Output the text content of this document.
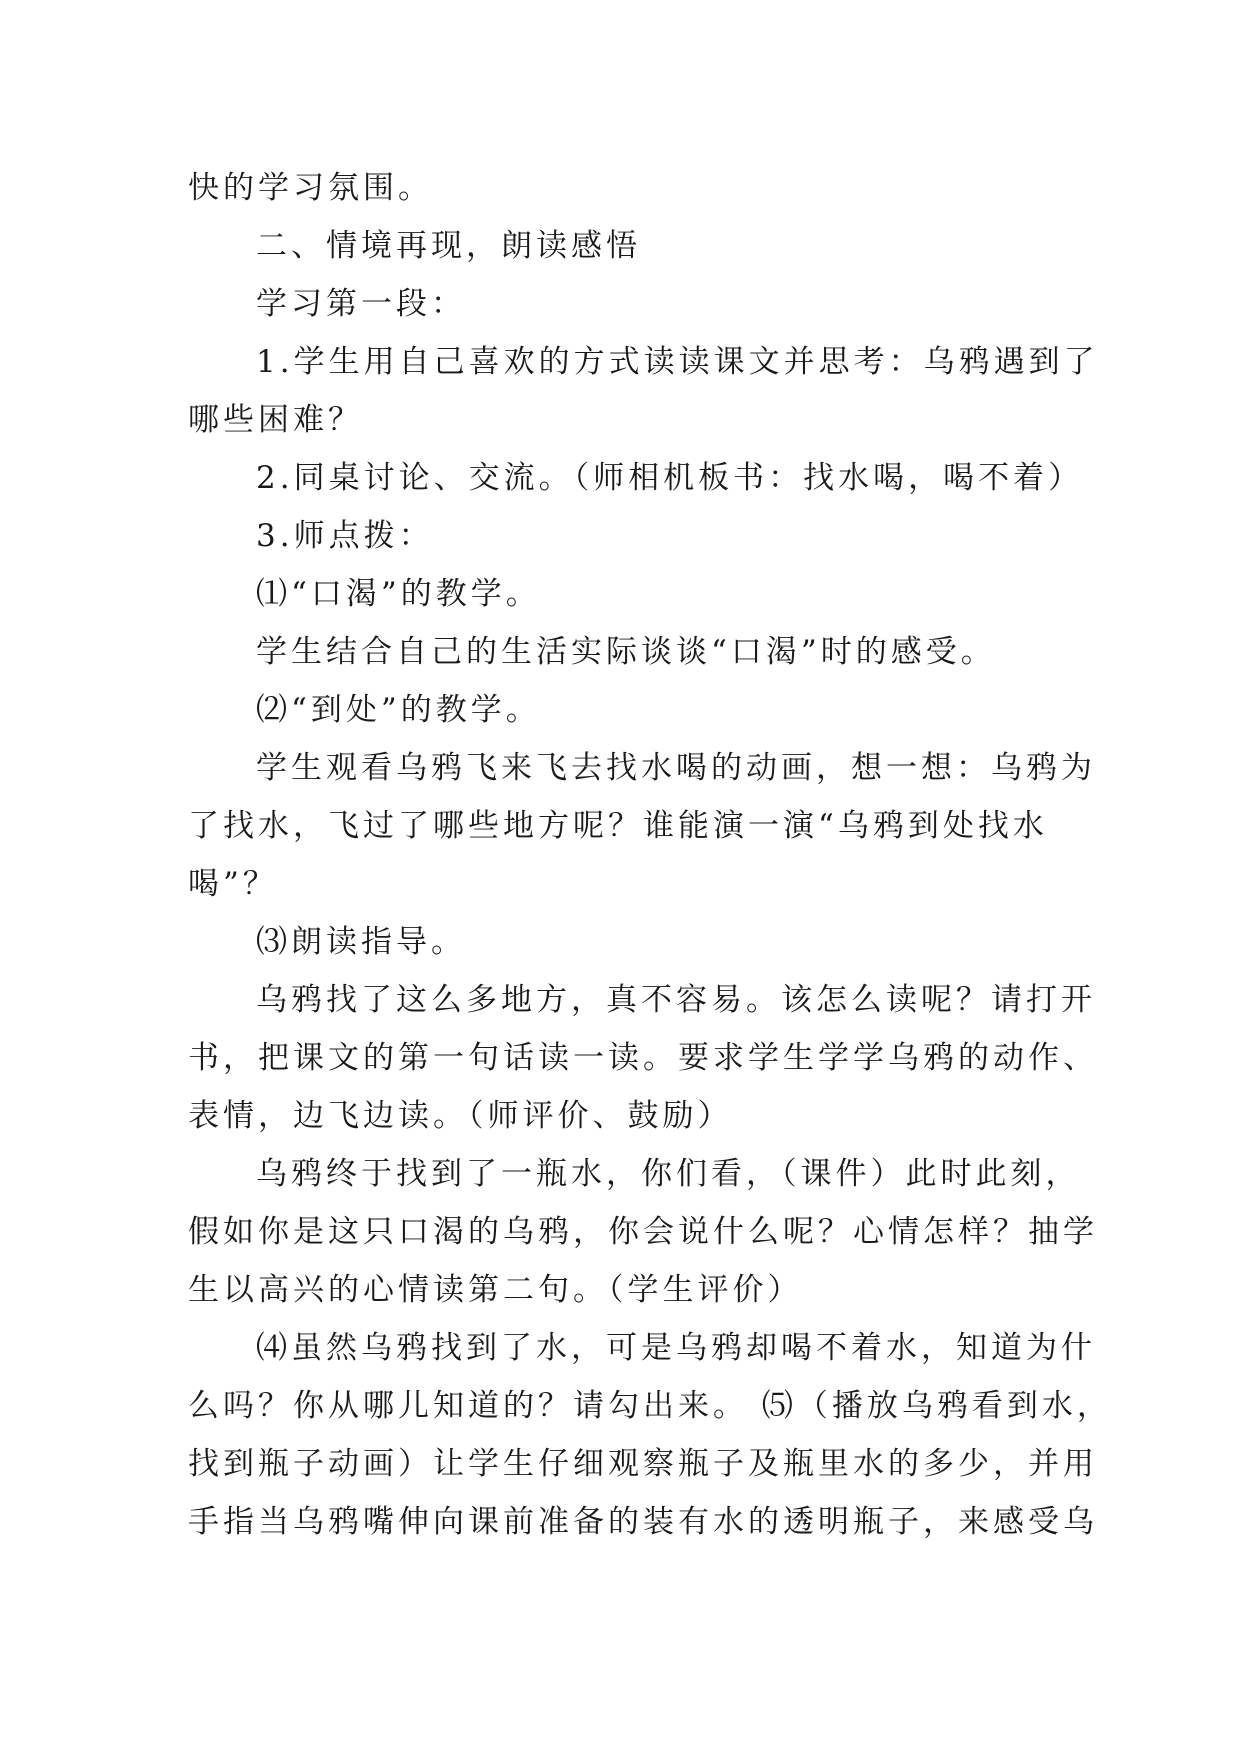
快的学习氛围。
二、情境再现，朗读感悟
学习第一段：
1.学生用自己喜欢的方式读读课文并思考：乌鸦遇到了
哪些困难？
2.同桌讨论、交流。（师相机板书：找水喝，喝不着）
3.师点拨：
⑴“口渴”的教学。
学生结合自己的生活实际谈谈“口渴”时的感受。
⑵“到处”的教学。
学生观看乌鸦飞来飞去找水喝的动画，想一想：乌鸦为
了找水，飞过了哪些地方呢？谁能演一演“乌鸦到处找水
喝”？
⑶朗读指导。
乌鸦找了这么多地方，真不容易。该怎么读呢？请打开
书，把课文的第一句话读一读。要求学生学学乌鸦的动作、
表情，边飞边读。（师评价、鼓励）
乌鸦终于找到了一瓶水，你们看，（课件）此时此刻，
假如你是这只口渴的乌鸦，你会说什么呢？心情怎样？抽学
生以高兴的心情读第二句。（学生评价）
⑷虽然乌鸦找到了水，可是乌鸦却喝不着水，知道为什
么吗？你从哪儿知道的？请勾出来。 ⑸（播放乌鸦看到水，
找到瓶子动画）让学生仔细观察瓶子及瓶里水的多少，并用
手指当乌鸦嘴伸向课前准备的装有水的透明瓶子，来感受乌
